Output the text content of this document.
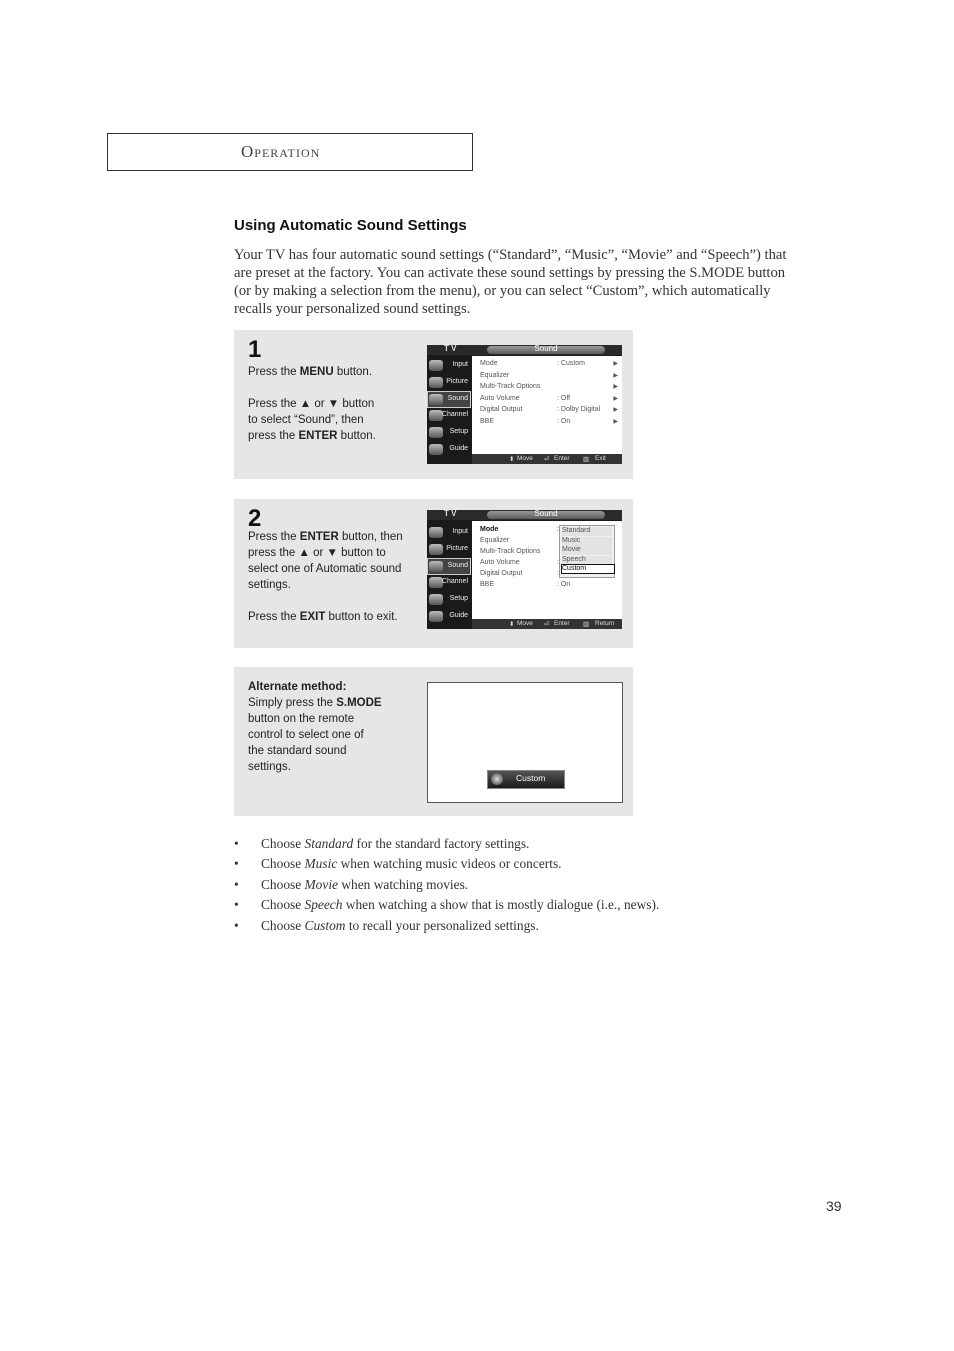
Operation
Using Automatic Sound Settings

Your TV has four automatic sound settings (“Standard”, “Music”, “Movie” and “Speech”) that are preset at the factory. You can activate these sound settings by pressing the S.MODE button (or by making a selection from the menu), or you can select “Custom”, which automatically recalls your personalized sound settings.

1

Press the MENU button.

Press the ▲ or ▼ button

to select “Sound”, then

press the ENTER button.

T V	Sound
Input
Picture
Sound
Channel
Setup
Guide
Mode	: Custom	▶
Equalizer	▶
Multi-Track Options	▶
Auto Volume	: Off	▶
Digital Output	: Dolby Digital ▶
BBE	: On	▶
⬍ Move ⏎ Enter ▥ Exit
2

Press the ENTER button, then

press the ▲ or ▼ button to

select one of Automatic sound

settings.

Press the EXIT button to exit.

T V	Sound
Input
Picture
Sound
Channel
Setup
Guide
Mode	:
Equalizer
Multi-Track Options
Auto Volume	:
Digital Output	:
BBE	: On
Standard
Music
Movie
Speech
Custom
⬍ Move ⏎ Enter ▥ Return

Alternate method:

Simply press the S.MODE

button on the remote

control to select one of

the standard sound

settings.

Custom
• Choose Standard for the standard factory settings.
• Choose Music when watching music videos or concerts.
• Choose Movie when watching movies.
• Choose Speech when watching a show that is mostly dialogue (i.e., news).
• Choose Custom to recall your personalized settings.
39
